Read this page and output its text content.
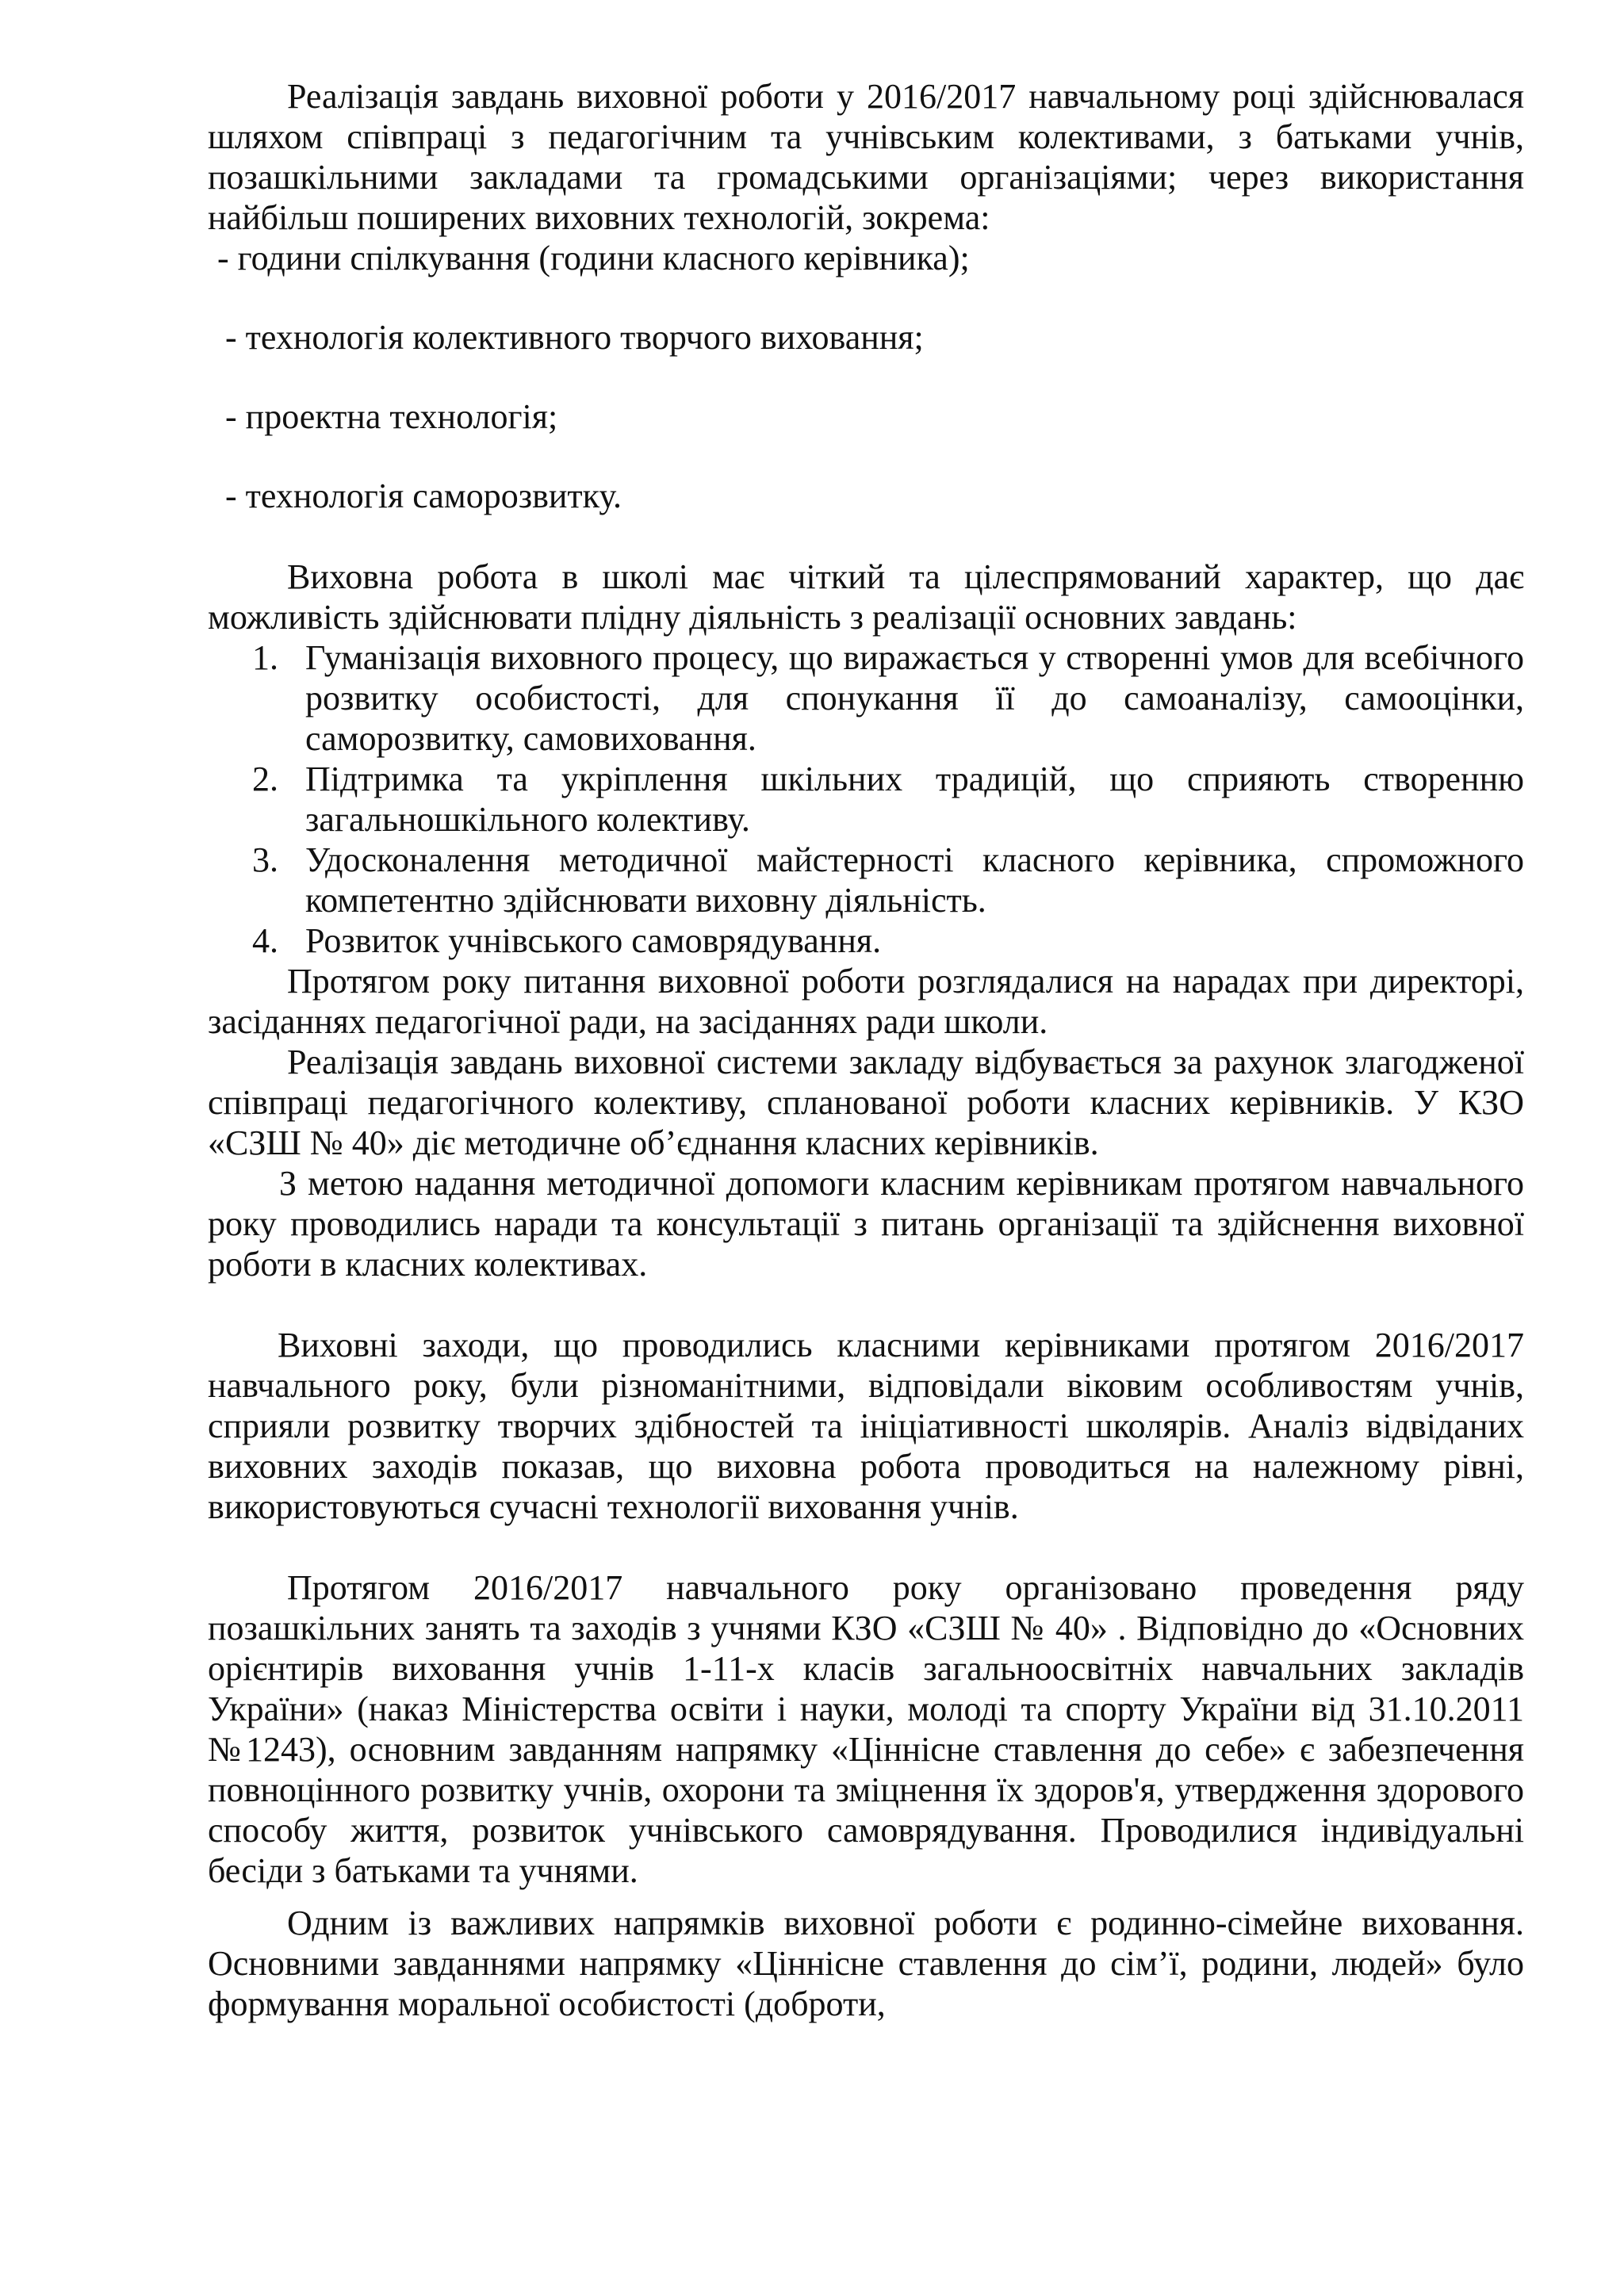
Реалізація завдань виховної роботи у 2016/2017 навчальному році здійснювалася шляхом співпраці з педагогічним та учнівським колективами, з батьками учнів, позашкільними закладами та громадськими організаціями; через використання найбільш поширених виховних технологій, зокрема:

- години спілкування (години класного керівника);

- технологія колективного творчого виховання;

- проектна технологія;

- технологія саморозвитку.

Виховна робота в школі має чіткий та цілеспрямований характер, що дає можливість здійснювати плідну діяльність з реалізації основних завдань:

1. Гуманізація виховного процесу, що виражається у створенні умов для всебічного розвитку особистості, для спонукання її до самоаналізу, самооцінки, саморозвитку, самовиховання.
2. Підтримка та укріплення шкільних традицій, що сприяють створенню загальношкільного колективу.
3. Удосконалення методичної майстерності класного керівника, спроможного компетентно здійснювати виховну діяльність.
4. Розвиток учнівського самоврядування.

Протягом року питання виховної роботи розглядалися на нарадах при директорі, засіданнях педагогічної ради, на засіданнях ради школи.

Реалізація завдань виховної системи закладу відбувається за рахунок злагодженої співпраці педагогічного колективу, спланованої роботи класних керівників. У КЗО «СЗШ № 40» діє методичне об’єднання класних керівників.

З метою надання методичної допомоги класним керівникам протягом навчального року проводились наради та консультації з питань організації та здійснення виховної роботи в класних колективах.

Виховні заходи, що проводились класними керівниками протягом 2016/2017 навчального року, були різноманітними, відповідали віковим особливостям учнів, сприяли розвитку творчих здібностей та ініціативності школярів. Аналіз відвіданих виховних заходів показав, що виховна робота проводиться на належному рівні, використовуються сучасні технології виховання учнів.

Протягом 2016/2017 навчального року організовано проведення ряду позашкільних занять та заходів з учнями КЗО «СЗШ № 40» . Відповідно до «Основних орієнтирів виховання учнів 1-11-х класів загальноосвітніх навчальних закладів України» (наказ Міністерства освіти і науки, молоді та спорту України від 31.10.2011 №1243), основним завданням напрямку «Ціннісне ставлення до себе» є забезпечення повноцінного розвитку учнів, охорони та зміцнення їх здоров'я, утвердження здорового способу життя, розвиток учнівського самоврядування. Проводилися індивідуальні бесіди з батьками та учнями.

Одним із важливих напрямків виховної роботи є родинно-сімейне виховання. Основними завданнями напрямку «Ціннісне ставлення до сім’ї, родини, людей» було формування моральної особистості (доброти,
